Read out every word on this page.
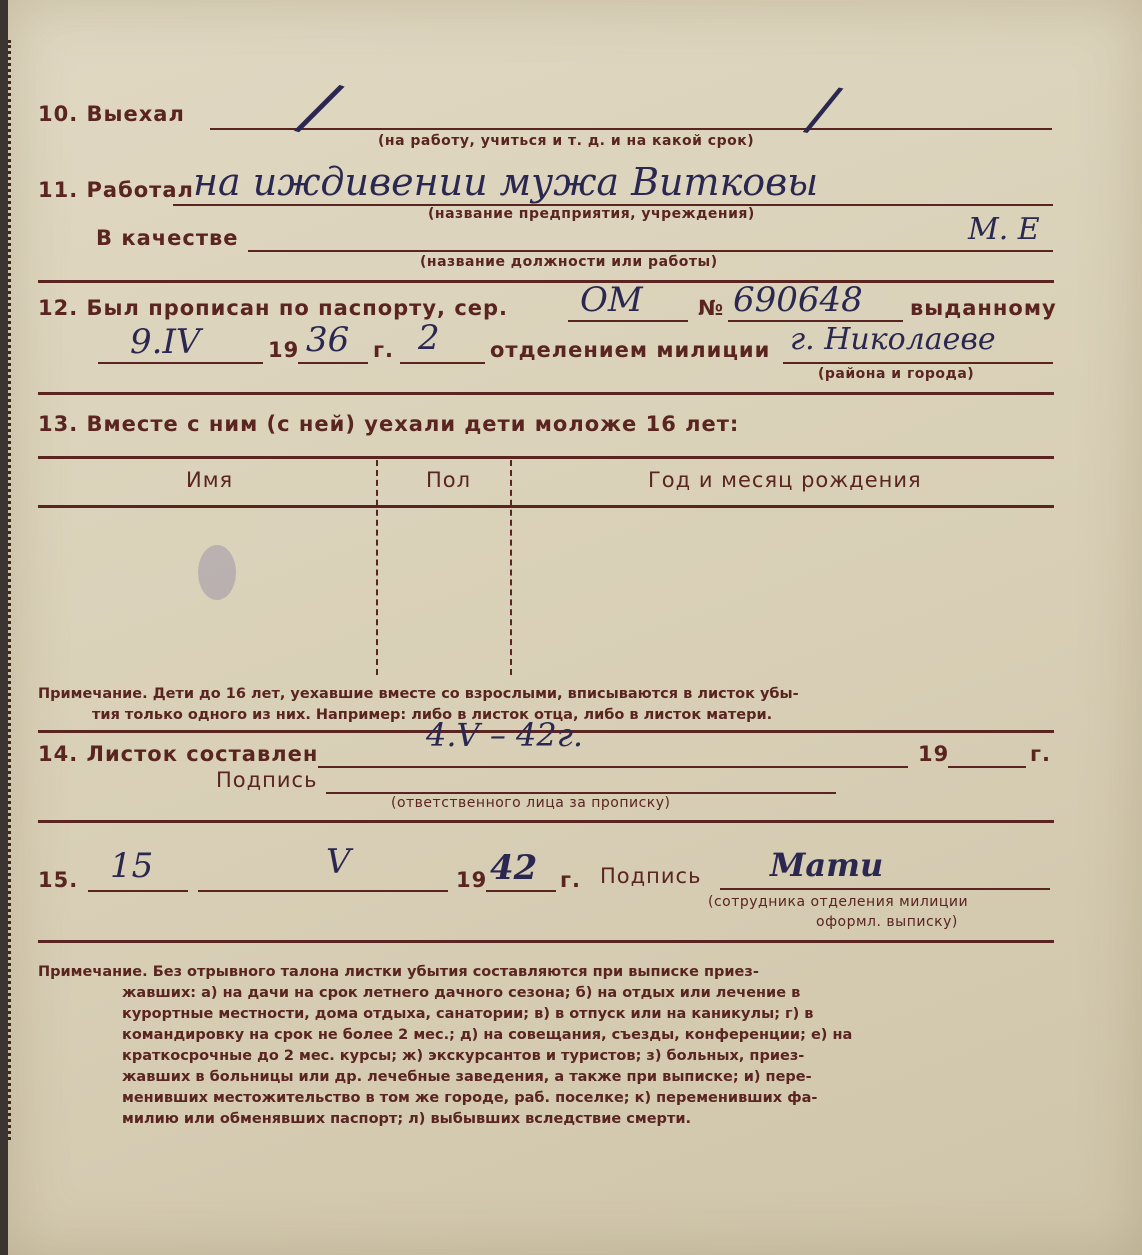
10. Выехал
(на работу, учиться и т. д. и на какой срок)
/	/
11. Работал
(название предприятия, учреждения)
на иждивении мужа Витковы
В качестве
(название должности или работы)
М. Е
12. Был прописан по паспорту, сер. ОМ	№ 690648 выданному
9.IV	19 36 г. 2 отделением милиции г. Николаеве
(района и города)
13. Вместе с ним (с ней) уехали дети моложе 16 лет:
Имя	Пол	Год и месяц рождения
Примечание. Дети до 16 лет, уехавшие вместе со взрослыми, вписываются в листок убы-
тия только одного из них. Например: либо в листок отца, либо в листок матери.
14. Листок составлен	4.V – 42г.	19	г.
Подпись
(ответственного лица за прописку)
15. 15	V	19 42 г. Подпись Мати
(сотрудника отделения милиции
оформл. выписку)
Примечание. Без отрывного талона листки убытия составляются при выписке приез-
жавших: а) на дачи на срок летнего дачного сезона; б) на отдых или лечение в
курортные местности, дома отдыха, санатории; в) в отпуск или на каникулы; г) в
командировку на срок не более 2 мес.; д) на совещания, съезды, конференции; е) на
краткосрочные до 2 мес. курсы; ж) экскурсантов и туристов; з) больных, приез-
жавших в больницы или др. лечебные заведения, а также при выписке; и) пере-
менивших местожительство в том же городе, раб. поселке; к) переменивших фа-
милию или обменявших паспорт; л) выбывших вследствие смерти.
